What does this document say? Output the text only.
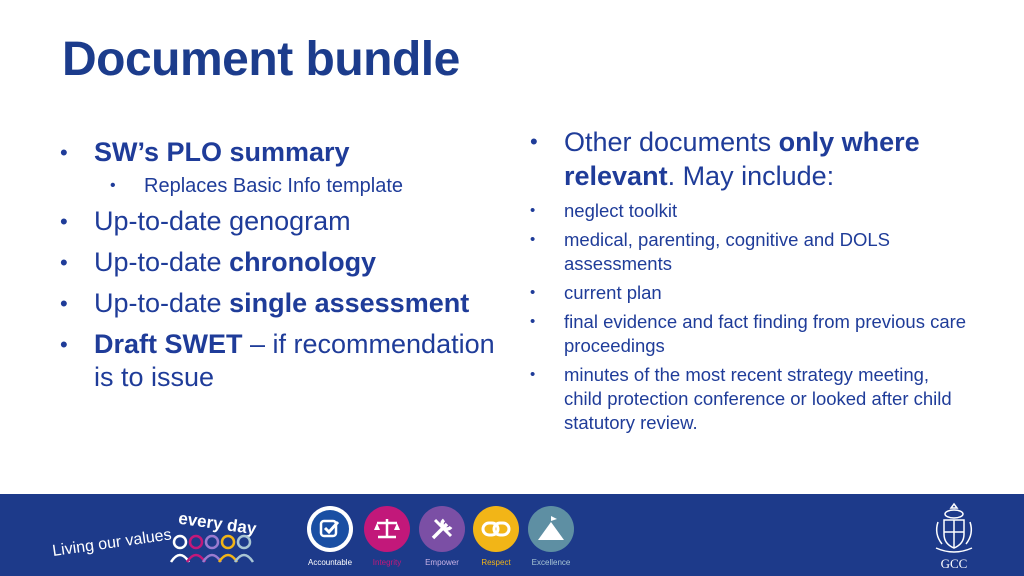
Document bundle
• SW’s PLO summary
• Replaces Basic Info template
• Up-to-date genogram
• Up-to-date chronology
• Up-to-date single assessment
• Draft SWET – if recommendation is to issue
• Other documents only where relevant. May include:
• neglect toolkit
• medical, parenting, cognitive and DOLS assessments
• current plan
• final evidence and fact finding from previous care proceedings
• minutes of the most recent strategy meeting, child protection conference or looked after child statutory review.
Living our values
every day
Accountable	Integrity	Empower	Respect	Excellence	GCC
